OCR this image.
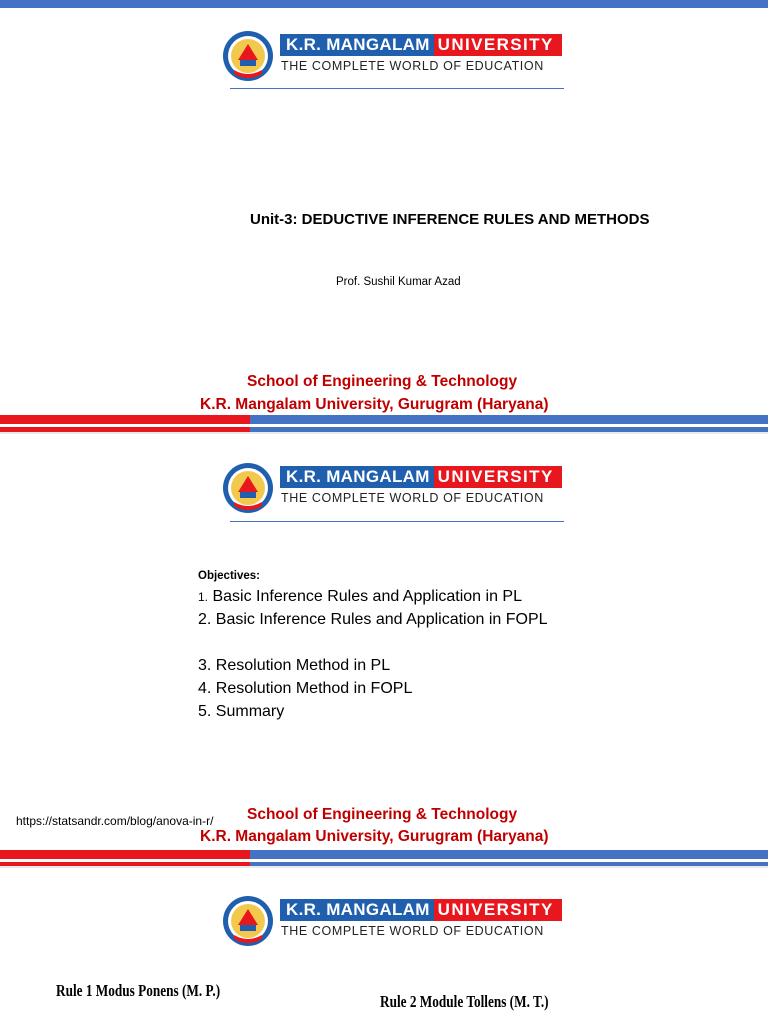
K.R. MANGALAM UNIVERSITY
THE COMPLETE WORLD OF EDUCATION
Unit-3: DEDUCTIVE INFERENCE RULES AND METHODS
Prof. Sushil Kumar Azad
School of Engineering & Technology
K.R. Mangalam University, Gurugram (Haryana)
K.R. MANGALAM UNIVERSITY
THE COMPLETE WORLD OF EDUCATION
Objectives:
1. Basic Inference Rules and Application in PL
2. Basic Inference Rules and Application in FOPL
3. Resolution Method in PL
4. Resolution Method in FOPL
5. Summary
https://statsandr.com/blog/anova-in-r/	School of Engineering & Technology
K.R. Mangalam University, Gurugram (Haryana)
K.R. MANGALAM UNIVERSITY
THE COMPLETE WORLD OF EDUCATION
Rule 1 Modus Ponens (M. P.)
Rule 2 Module Tollens (M. T.)
